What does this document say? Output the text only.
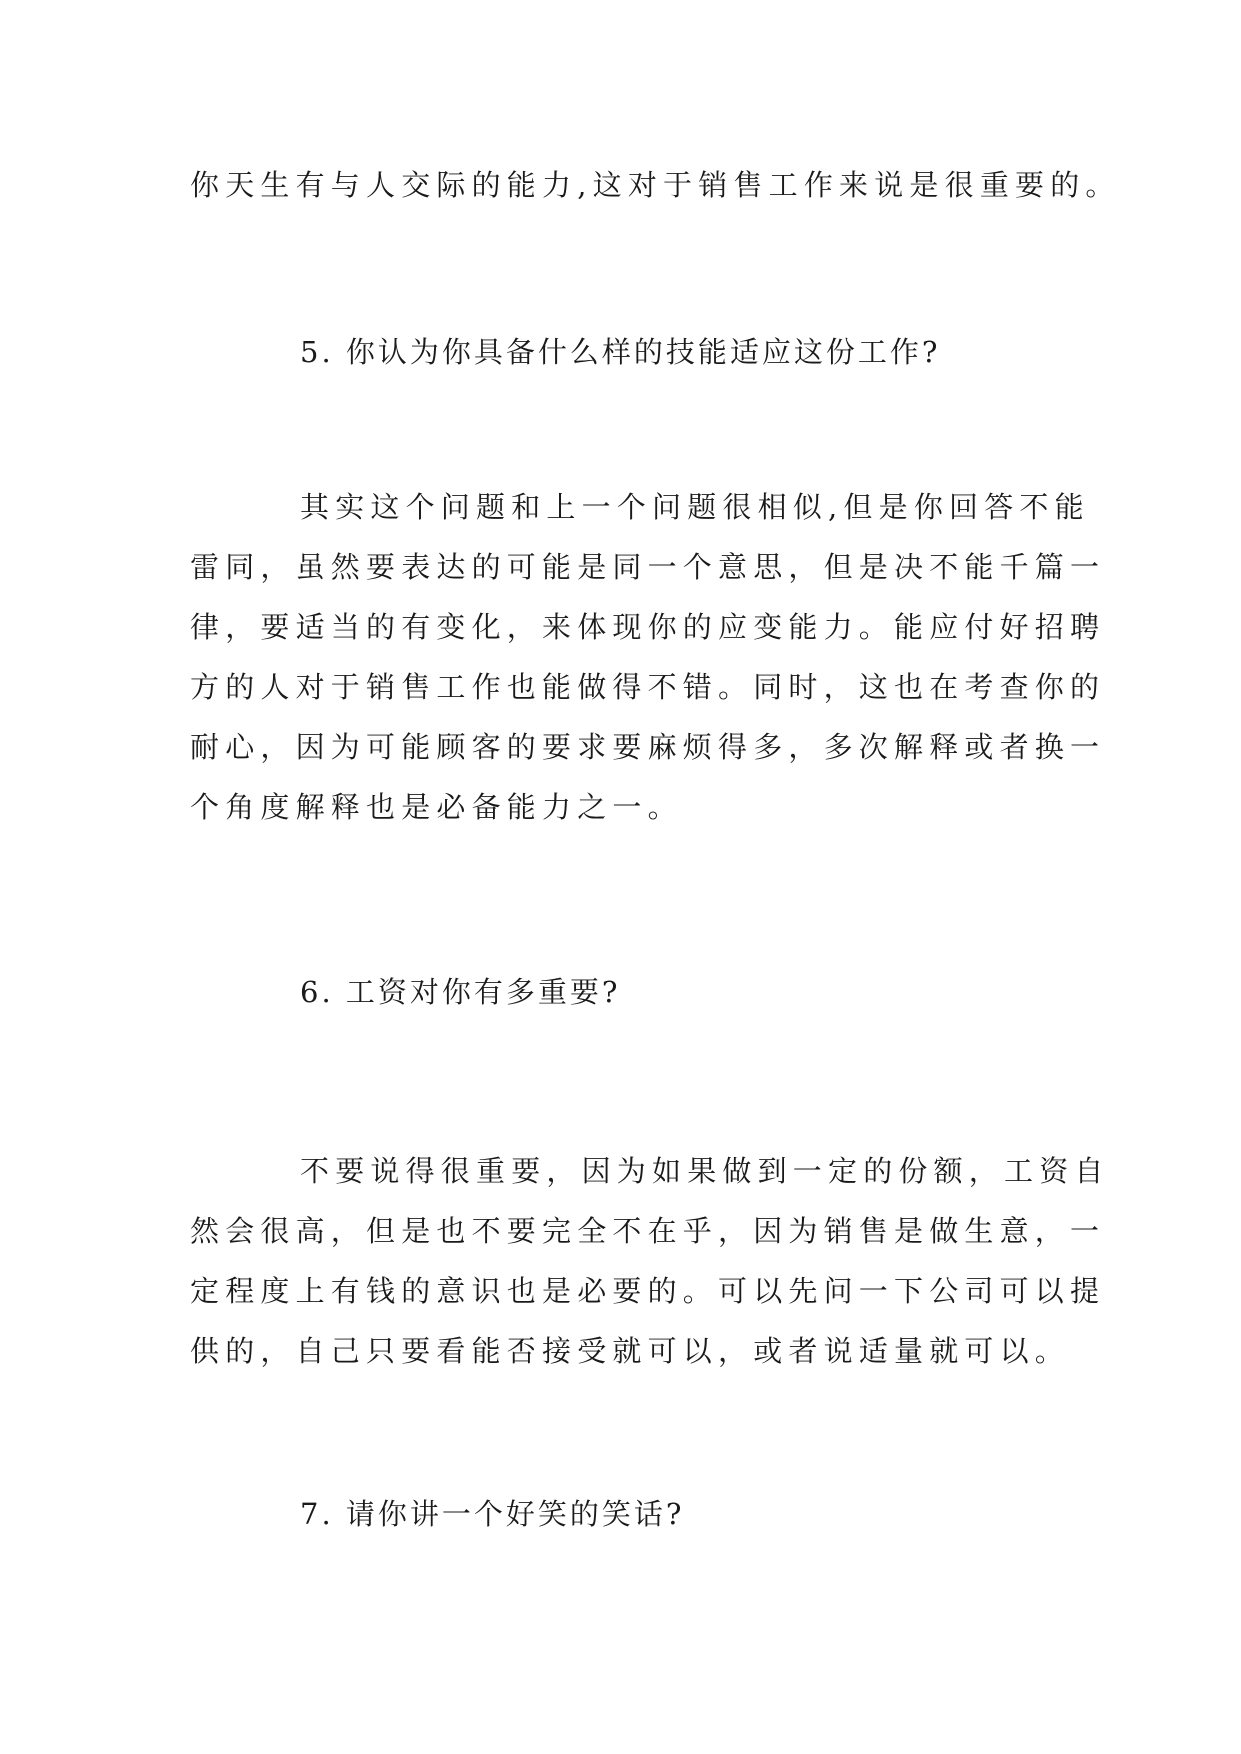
你天生有与人交际的能力,这对于销售工作来说是很重要的。

5. 你认为你具备什么样的技能适应这份工作?

其实这个问题和上一个问题很相似,但是你回答不能
雷同，虽然要表达的可能是同一个意思，但是决不能千篇一
律，要适当的有变化，来体现你的应变能力。能应付好招聘
方的人对于销售工作也能做得不错。同时，这也在考查你的
耐心，因为可能顾客的要求要麻烦得多，多次解释或者换一
个角度解释也是必备能力之一。

6. 工资对你有多重要?

不要说得很重要，因为如果做到一定的份额，工资自
然会很高，但是也不要完全不在乎，因为销售是做生意，一
定程度上有钱的意识也是必要的。可以先问一下公司可以提
供的，自己只要看能否接受就可以，或者说适量就可以。

7. 请你讲一个好笑的笑话?
